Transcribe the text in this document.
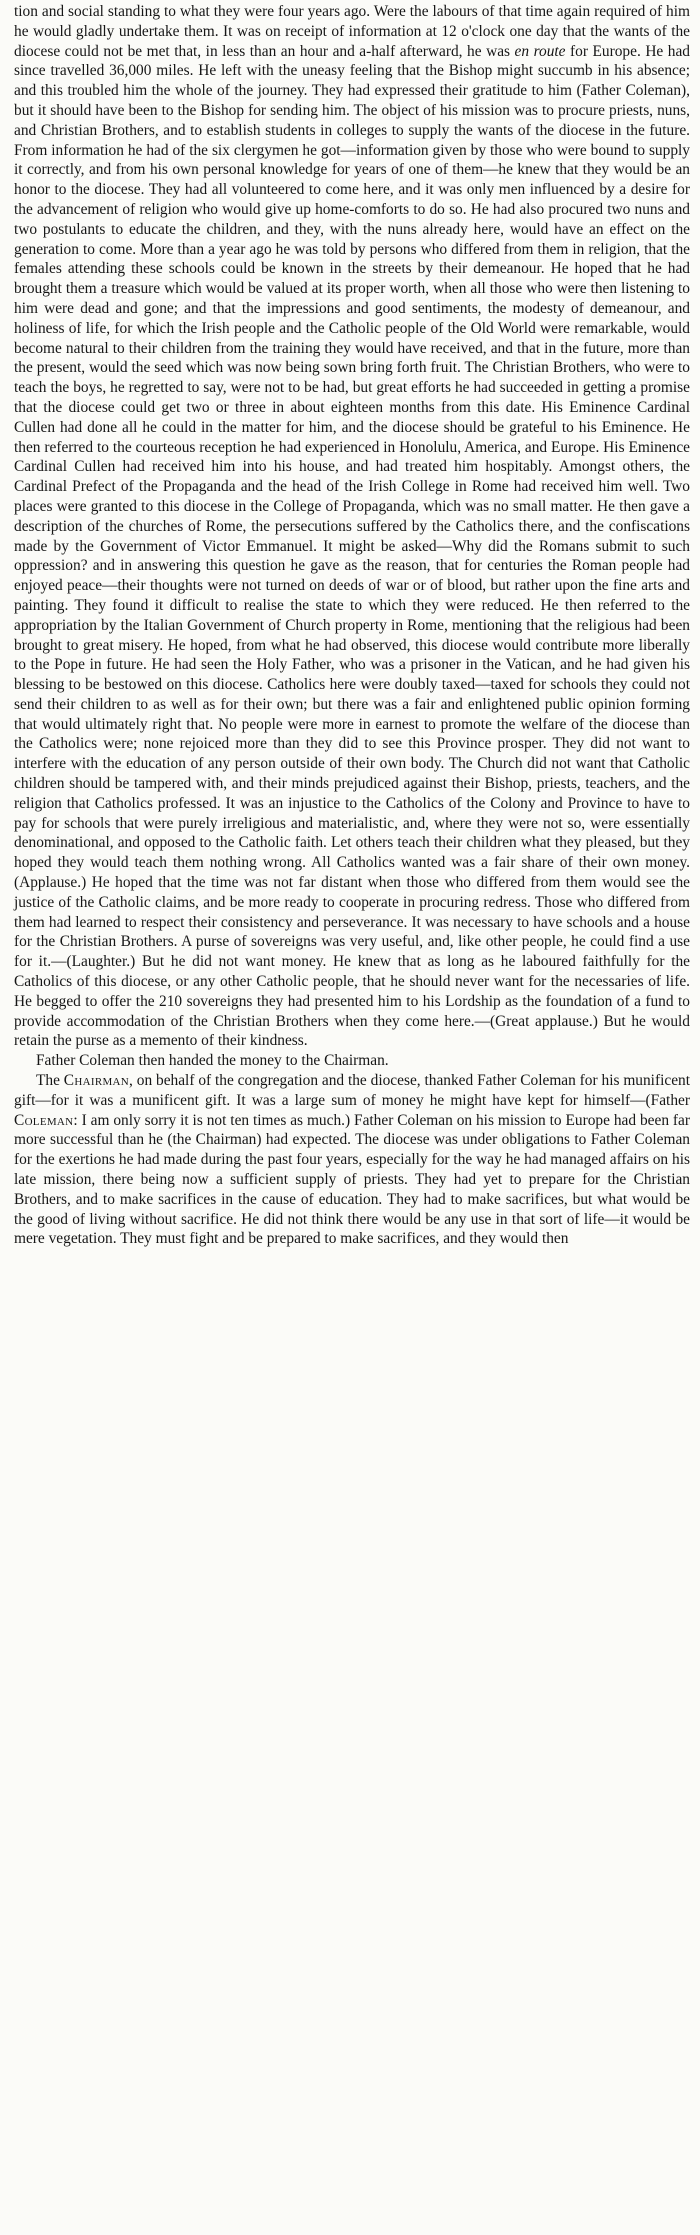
tion and social standing to what they were four years ago. Were the labours of that time again required of him he would gladly undertake them. It was on receipt of information at 12 o'clock one day that the wants of the diocese could not be met that, in less than an hour and a-half afterward, he was en route for Europe. He had since travelled 36,000 miles. He left with the uneasy feeling that the Bishop might succumb in his absence; and this troubled him the whole of the journey. They had expressed their gratitude to him (Father Coleman), but it should have been to the Bishop for sending him. The object of his mission was to procure priests, nuns, and Christian Brothers, and to establish students in colleges to supply the wants of the diocese in the future. From information he had of the six clergymen he got—information given by those who were bound to supply it correctly, and from his own personal knowledge for years of one of them—he knew that they would be an honor to the diocese. They had all volunteered to come here, and it was only men influenced by a desire for the advancement of religion who would give up home-comforts to do so. He had also procured two nuns and two postulants to educate the children, and they, with the nuns already here, would have an effect on the generation to come. More than a year ago he was told by persons who differed from them in religion, that the females attending these schools could be known in the streets by their demeanour. He hoped that he had brought them a treasure which would be valued at its proper worth, when all those who were then listening to him were dead and gone; and that the impressions and good sentiments, the modesty of demeanour, and holiness of life, for which the Irish people and the Catholic people of the Old World were remarkable, would become natural to their children from the training they would have received, and that in the future, more than the present, would the seed which was now being sown bring forth fruit. The Christian Brothers, who were to teach the boys, he regretted to say, were not to be had, but great efforts he had succeeded in getting a promise that the diocese could get two or three in about eighteen months from this date. His Eminence Cardinal Cullen had done all he could in the matter for him, and the diocese should be grateful to his Eminence. He then referred to the courteous reception he had experienced in Honolulu, America, and Europe. His Eminence Cardinal Cullen had received him into his house, and had treated him hospitably. Amongst others, the Cardinal Prefect of the Propaganda and the head of the Irish College in Rome had received him well. Two places were granted to this diocese in the College of Propaganda, which was no small matter. He then gave a description of the churches of Rome, the persecutions suffered by the Catholics there, and the confiscations made by the Government of Victor Emmanuel. It might be asked—Why did the Romans submit to such oppression? and in answering this question he gave as the reason, that for centuries the Roman people had enjoyed peace—their thoughts were not turned on deeds of war or of blood, but rather upon the fine arts and painting. They found it difficult to realise the state to which they were reduced. He then referred to the appropriation by the Italian Government of Church property in Rome, mentioning that the religious had been brought to great misery. He hoped, from what he had observed, this diocese would contribute more liberally to the Pope in future. He had seen the Holy Father, who was a prisoner in the Vatican, and he had given his blessing to be bestowed on this diocese. Catholics here were doubly taxed—taxed for schools they could not send their children to as well as for their own; but there was a fair and enlightened public opinion forming that would ultimately right that. No people were more in earnest to promote the welfare of the diocese than the Catholics were; none rejoiced more than they did to see this Province prosper. They did not want to interfere with the education of any person outside of their own body. The Church did not want that Catholic children should be tampered with, and their minds prejudiced against their Bishop, priests, teachers, and the religion that Catholics professed. It was an injustice to the Catholics of the Colony and Province to have to pay for schools that were purely irreligious and materialistic, and, where they were not so, were essentially denominational, and opposed to the Catholic faith. Let others teach their children what they pleased, but they hoped they would teach them nothing wrong. All Catholics wanted was a fair share of their own money. (Applause.) He hoped that the time was not far distant when those who differed from them would see the justice of the Catholic claims, and be more ready to cooperate in procuring redress. Those who differed from them had learned to respect their consistency and perseverance. It was necessary to have schools and a house for the Christian Brothers. A purse of sovereigns was very useful, and, like other people, he could find a use for it.—(Laughter.) But he did not want money. He knew that as long as he laboured faithfully for the Catholics of this diocese, or any other Catholic people, that he should never want for the necessaries of life. He begged to offer the 210 sovereigns they had presented him to his Lordship as the foundation of a fund to provide accommodation of the Christian Brothers when they come here.—(Great applause.) But he would retain the purse as a memento of their kindness.

Father Coleman then handed the money to the Chairman.

The Chairman, on behalf of the congregation and the diocese, thanked Father Coleman for his munificent gift—for it was a munificent gift. It was a large sum of money he might have kept for himself—(Father Coleman: I am only sorry it is not ten times as much.) Father Coleman on his mission to Europe had been far more successful than he (the Chairman) had expected. The diocese was under obligations to Father Coleman for the exertions he had made during the past four years, especially for the way he had managed affairs on his late mission, there being now a sufficient supply of priests. They had yet to prepare for the Christian Brothers, and to make sacrifices in the cause of education. They had to make sacrifices, but what would be the good of living without sacrifice. He did not think there would be any use in that sort of life—it would be mere vegetation. They must fight and be prepared to make sacrifices, and they would then
